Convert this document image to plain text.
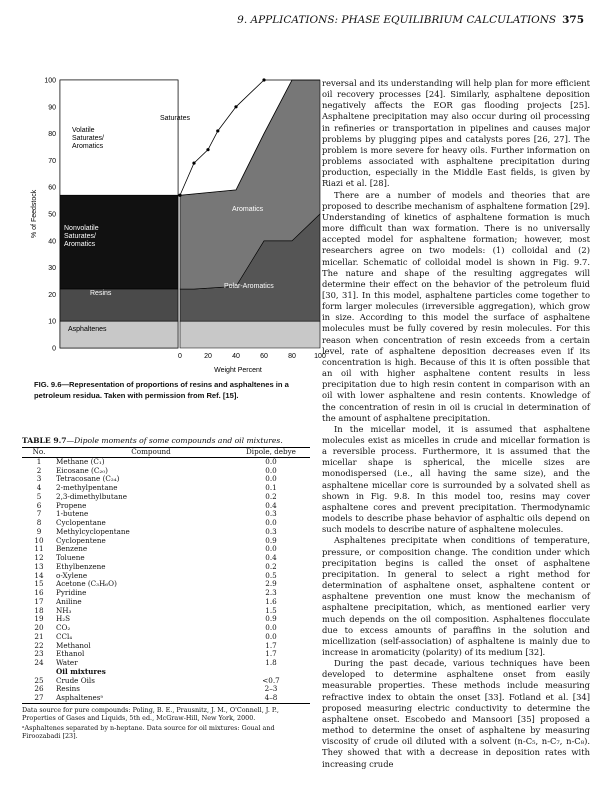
9. APPLICATIONS: PHASE EQUILIBRIUM CALCULATIONS 375
0
10
20
30
40
50
60
70
80
90
100
0	20	40	60	80	100
Volatile Saturates/ Aromatics
Nonvolatile Saturates/ Aromatics
Resins
Asphaltenes
Saturates
Aromatics
Polar-Aromatics
% of Feedstock
Weight Percent
FIG. 9.6—Representation of proportions of resins and asphaltenes in a petroleum residua. Taken with permission from Ref. [15].
TABLE 9.7—Dipole moments of some compounds and oil mixtures.
No.	Compound	Dipole, debye
1	Methane (C₁)	0.0
2	Eicosane (C₂₀)	0.0
3	Tetracosane (C₂₄)	0.0
4	2-methylpentane	0.1
5	2,3-dimethylbutane	0.2
6	Propene	0.4
7	1-butene	0.3
8	Cyclopentane	0.0
9	Methylcyclopentane	0.3
10	Cyclopentene	0.9
11	Benzene	0.0
12	Toluene	0.4
13	Ethylbenzene	0.2
14	o-Xylene	0.5
15	Acetone (C₃H₆O)	2.9
16	Pyridine	2.3
17	Aniline	1.6
18	NH₃	1.5
19	H₂S	0.9
20	CO₂	0.0
21	CCl₄	0.0
22	Methanol	1.7
23	Ethanol	1.7
24	Water	1.8
Oil mixtures
25	Crude Oils	<0.7
26	Resins	2–3
27	Asphaltenesᵃ	4–8
Data source for pure compounds: Poling, B. E., Prausnitz, J. M., O'Connell, J. P., Properties of Gases and Liquids, 5th ed., McGraw-Hill, New York, 2000.
ᵃAsphaltenes separated by n-heptane. Data source for oil mixtures: Goual and Firoozabadi [23].

reversal and its understanding will help plan for more efficient oil recovery processes [24]. Similarly, asphaltene deposition negatively affects the EOR gas flooding projects [25]. Asphaltene precipitation may also occur during oil processing in refineries or transportation in pipelines and causes major problems by plugging pipes and catalysts pores [26, 27]. The problem is more severe for heavy oils. Further information on problems associated with asphaltene precipitation during production, especially in the Middle East fields, is given by Riazi et al. [28].

There are a number of models and theories that are proposed to describe mechanism of asphaltene formation [29]. Understanding of kinetics of asphaltene formation is much more difficult than wax formation. There is no universally accepted model for asphaltene formation; however, most researchers agree on two models: (1) colloidal and (2) micellar. Schematic of colloidal model is shown in Fig. 9.7. The nature and shape of the resulting aggregates will determine their effect on the behavior of the petroleum fluid [30, 31]. In this model, asphaltene particles come together to form larger molecules (irreversible aggregation), which grow in size. According to this model the surface of asphaltene molecules must be fully covered by resin molecules. For this reason when concentration of resin exceeds from a certain level, rate of asphaltene deposition decreases even if its concentration is high. Because of this it is often possible that an oil with higher asphaltene content results in less precipitation due to high resin content in comparison with an oil with lower asphaltene and resin contents. Knowledge of the concentration of resin in oil is crucial in determination of the amount of asphaltene precipitation.

In the micellar model, it is assumed that asphaltene molecules exist as micelles in crude and micellar formation is a reversible process. Furthermore, it is assumed that the micellar shape is spherical, the micelle sizes are monodispersed (i.e., all having the same size), and the asphaltene micellar core is surrounded by a solvated shell as shown in Fig. 9.8. In this model too, resins may cover asphaltene cores and prevent precipitation. Thermodynamic models to describe phase behavior of asphaltic oils depend on such models to describe nature of asphaltene molecules.

Asphaltenes precipitate when conditions of temperature, pressure, or composition change. The condition under which precipitation begins is called the onset of asphaltene precipitation. In general to select a right method for determination of asphaltene onset, asphaltene content or asphaltene prevention one must know the mechanism of asphaltene precipitation, which, as mentioned earlier very much depends on the oil composition. Asphaltenes flocculate due to excess amounts of paraffins in the solution and micellization (self-association) of asphaltene is mainly due to increase in aromaticity (polarity) of its medium [32].

During the past decade, various techniques have been developed to determine asphaltene onset from easily measurable properties. These methods include measuring refractive index to obtain the onset [33]. Fotland et al. [34] proposed measuring electric conductivity to determine the asphaltene onset. Escobedo and Mansoori [35] proposed a method to determine the onset of asphaltene by measuring viscosity of crude oil diluted with a solvent (n-C₅, n-C₇, n-C₈). They showed that with a decrease in deposition rates with increasing crude
